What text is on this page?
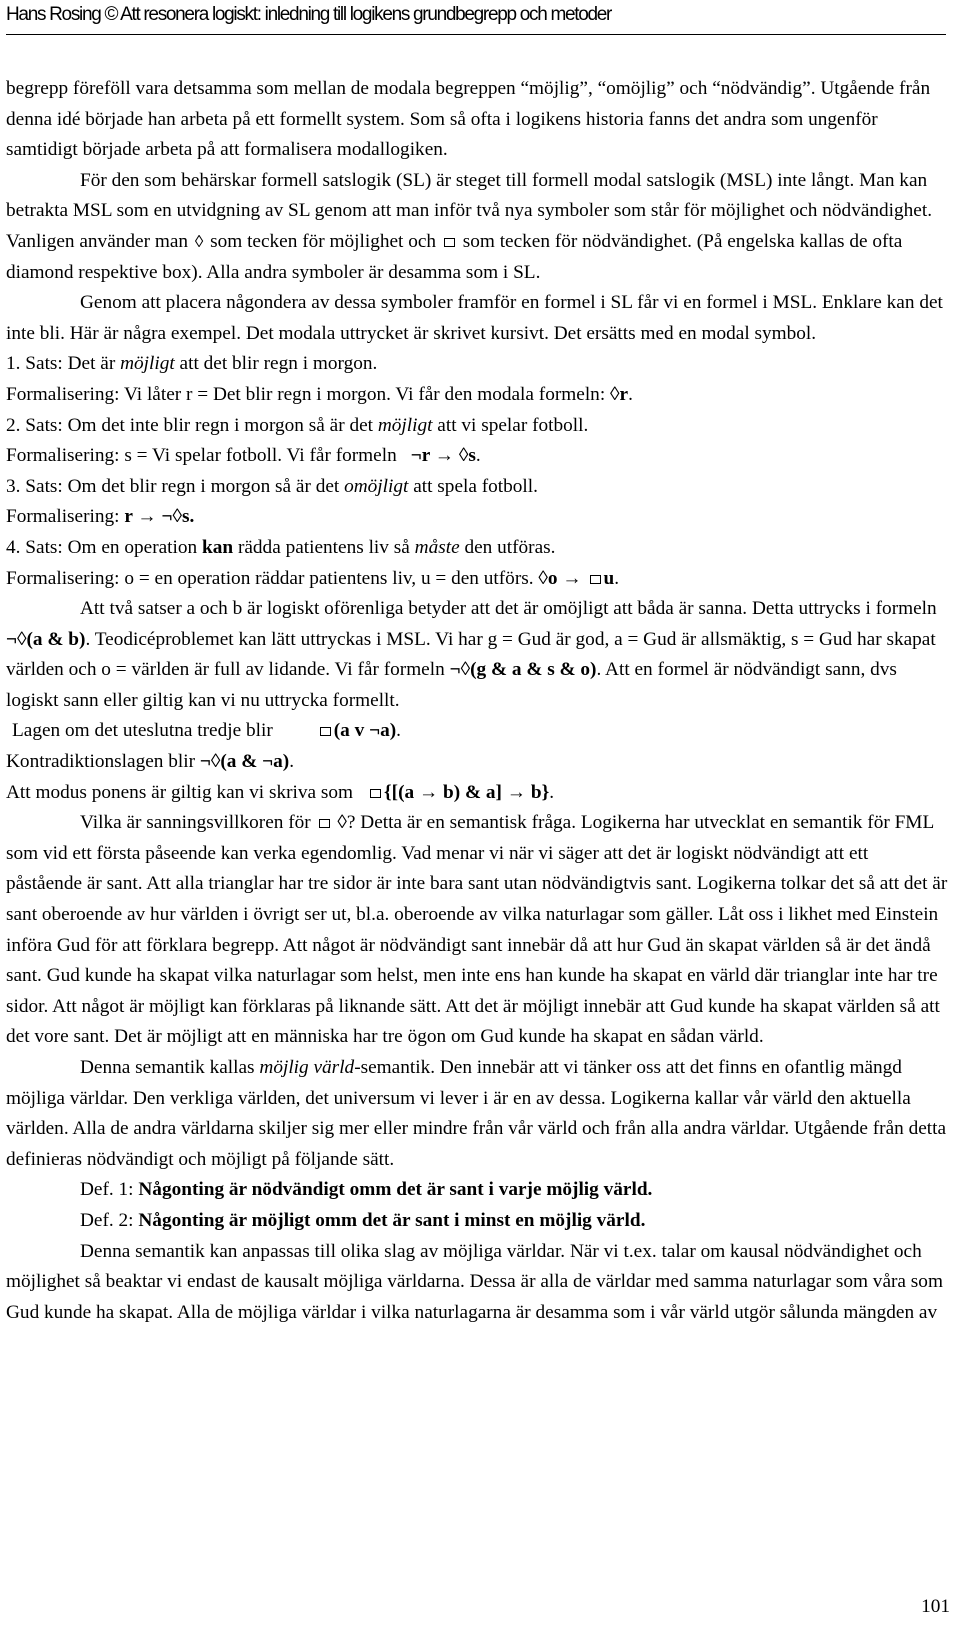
Hans Rosing © Att resonera logiskt: inledning till logikens grundbegrepp och metoder

begrepp föreföll vara detsamma som mellan de modala begreppen “möjlig”, “omöjlig” och “nödvändig”. Utgående från denna idé började han arbeta på ett formellt system. Som så ofta i logikens historia fanns det andra som ungenför samtidigt började arbeta på att formalisera modallogiken.

För den som behärskar formell satslogik (SL) är steget till formell modal satslogik (MSL) inte långt. Man kan betrakta MSL som en utvidgning av SL genom att man inför två nya symboler som står för möjlighet och nödvändighet. Vanligen använder man ◊ som tecken för möjlighet och som tecken för nödvändighet. (På engelska kallas de ofta diamond respektive box). Alla andra symboler är desamma som i SL.

Genom att placera någondera av dessa symboler framför en formel i SL får vi en formel i MSL. Enklare kan det inte bli. Här är några exempel. Det modala uttrycket är skrivet kursivt. Det ersätts med en modal symbol.

1. Sats: Det är möjligt att det blir regn i morgon.

Formalisering: Vi låter r = Det blir regn i morgon. Vi får den modala formeln: ◊r.

2. Sats: Om det inte blir regn i morgon så är det möjligt att vi spelar fotboll.

Formalisering: s = Vi spelar fotboll. Vi får formeln ¬r → ◊s.

3. Sats: Om det blir regn i morgon så är det omöjligt att spela fotboll.

Formalisering: r → ¬◊s.

4. Sats: Om en operation kan rädda patientens liv så måste den utföras.

Formalisering: o = en operation räddar patientens liv, u = den utförs. ◊o → u.

Att två satser a och b är logiskt oförenliga betyder att det är omöjligt att båda är sanna. Detta uttrycks i formeln ¬◊(a & b). Teodicéproblemet kan lätt uttryckas i MSL. Vi har g = Gud är god, a = Gud är allsmäktig, s = Gud har skapat världen och o = världen är full av lidande. Vi får formeln ¬◊(g & a & s & o). Att en formel är nödvändigt sann, dvs logiskt sann eller giltig kan vi nu uttrycka formellt.

Lagen om det uteslutna tredje blir	(a v ¬a).

Kontradiktionslagen blir ¬◊(a & ¬a).

Att modus ponens är giltig kan vi skriva som {[(a → b) & a] → b}.

Vilka är sanningsvillkoren för ◊? Detta är en semantisk fråga. Logikerna har utvecklat en semantik för FML som vid ett första påseende kan verka egendomlig. Vad menar vi när vi säger att det är logiskt nödvändigt att ett påstående är sant. Att alla trianglar har tre sidor är inte bara sant utan nödvändigtvis sant. Logikerna tolkar det så att det är sant oberoende av hur världen i övrigt ser ut, bl.a. oberoende av vilka naturlagar som gäller. Låt oss i likhet med Einstein införa Gud för att förklara begrepp. Att något är nödvändigt sant innebär då att hur Gud än skapat världen så är det ändå sant. Gud kunde ha skapat vilka naturlagar som helst, men inte ens han kunde ha skapat en värld där trianglar inte har tre sidor. Att något är möjligt kan förklaras på liknande sätt. Att det är möjligt innebär att Gud kunde ha skapat världen så att det vore sant. Det är möjligt att en människa har tre ögon om Gud kunde ha skapat en sådan värld.

Denna semantik kallas möjlig värld-semantik. Den innebär att vi tänker oss att det finns en ofantlig mängd möjliga världar. Den verkliga världen, det universum vi lever i är en av dessa. Logikerna kallar vår värld den aktuella världen. Alla de andra världarna skiljer sig mer eller mindre från vår värld och från alla andra världar. Utgående från detta definieras nödvändigt och möjligt på följande sätt.

Def. 1: Någonting är nödvändigt omm det är sant i varje möjlig värld.

Def. 2: Någonting är möjligt omm det är sant i minst en möjlig värld.

Denna semantik kan anpassas till olika slag av möjliga världar. När vi t.ex. talar om kausal nödvändighet och möjlighet så beaktar vi endast de kausalt möjliga världarna. Dessa är alla de världar med samma naturlagar som våra som Gud kunde ha skapat. Alla de möjliga världar i vilka naturlagarna är desamma som i vår värld utgör sålunda mängden av

101
